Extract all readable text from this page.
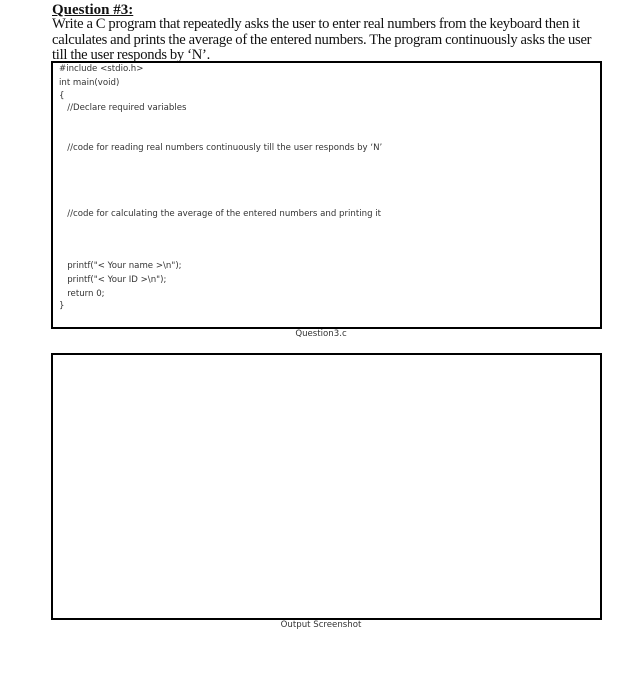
Question #3:
Write a C program that repeatedly asks the user to enter real numbers from the keyboard then it calculates and prints the average of the entered numbers. The program continuously asks the user till the user responds by ‘N’.
#include <stdio.h>
int main(void)
{
//Declare required variables
//code for reading real numbers continuously till the user responds by ‘N’
//code for calculating the average of the entered numbers and printing it
printf("< Your name >\n");
printf("< Your ID >\n");
return 0;
}
Question3.c
Output Screenshot
